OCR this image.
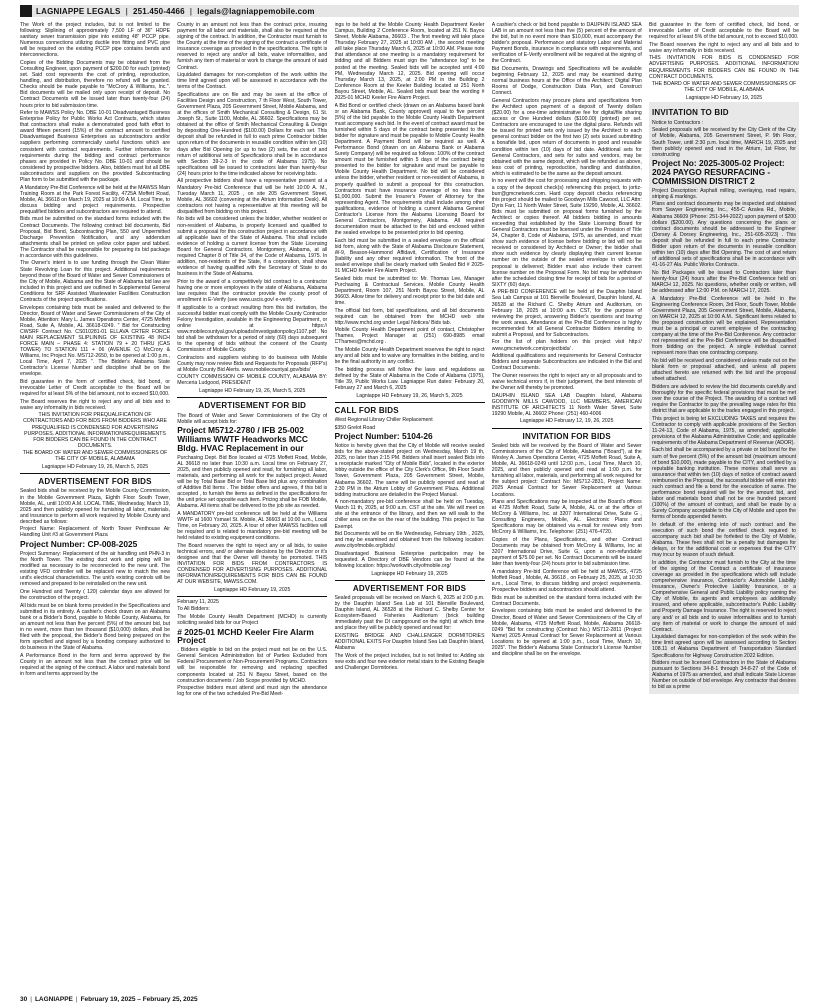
LAGNIAPPE LEGALS | 251.450-4466 | legals@lagniappemobile.com

The Work of the project includes, but is not limited to the following: Sliplining of approximately 7,500 LF of 36" HDPE sanitary sewer transmission pipe into existing 48" PCCP pipe. Numerous connections utilizing ductile iron fitting and PVC pipe will be required on the existing PCCP pipe contains bends and interconnections.

Copies of the Bidding Documents may be obtained from the Consulting Engineer, upon payment of $200.00 for each (printed) set. Said cost represents the cost of printing, reproduction, handling, and distribution, therefore no refund will be granted. Checks should be made payable to "McCrory & Williams, Inc.". Bid documents will be mailed only upon receipt of deposit. No Contract Documents will be issued later than twenty-four (24) hours prior to bid submission time.

Refer to MAWSS Policy No. DBE 10-01 Disadvantaged Business Enterprise Policy for Public Works Act Contracts, which states that contractors shall make a demonstrated good faith effort to award fifteen percent (15%) of the contract amount to certified Disadvantaged Business Enterprises as subcontractors and/or suppliers performing commercially useful functions which are consistent with contract requirements. Further information for requirements during the bidding and contract performance phases are provided in Policy No. DBE 10-01 and should be considered by prospective bidders. Also, bidders must list all DBE subcontractors and suppliers on the provided Subcontracting Plan form to be submitted with the package.

A Mandatory Pre-Bid Conference will be held at the MAWSS Main Training Room at the Park Forest Facility, 4725A Moffett Road, Mobile, AL 36618 on March 19, 2025 at 10:00 A.M. Local Time, to discuss bidding and project requirements. Prospective prequalified bidders and subcontractors are required to attend.

Bids must be submitted on the standard forms included with the Contract Documents. The following contract bid documents, Bid Proposal, Bid Bond, Subcontracting Plan, 550 and Unpermitted Discharge Prevention Notification, and any addendum attachments shall be printed on yellow color paper and tabbed. The Contractor shall be responsible for preparing its bid package in accordance with this guidelines.

The Owner's intent is to use funding through the Clean Water State Revolving Loan for this project. Additional requirements beyond those of the Board of Water and Sewer Commissioners of the City of Mobile, Alabama and the State of Alabama bid law are included in this project and are outlined in Supplemental General Conditions for SRF Assisted Wastewater Facilities Construction Contracts of the project specifications.

Envelopes containing bids must be sealed and delivered to the Director, Board of Water and Sewer Commissioners of the City of Mobile, Attention: Mary L. James Operations Center, 4725 Moffett Road, Suite A, Mobile, AL 36618-0249. " Bid for Constructing CWSRF Contract No. CS010281-01 ELLAVA CRTER FORCE MAIN REPLACEMENT SLIPLINING OF EXISTING 48 INCH FORCE MAIN – PHASE 4: STATION 79 + 20 THRU (CAS TOWER) TO STATION 111 + 06 (AVENUE C) McCrory & Williams, Inc Project No. MS712-2650, to be opened at 1:00 p.m., Local Time, April 7, 2025 ". The Bidder's Alabama State Contractor's License Number and discipline shall be on the envelope.

Bid guarantee in the form of certified check, bid bond, or irrevocable Letter of Credit acceptable to the Board will be required for at least 5% of the bid amount, not to exceed $10,000.

The Board reserves the right to reject any and all bids and to waive any informality in bids received.

THIS INVITATION FOR PREQUALIFICATION OF CONTRACTORS AND FOR BIDS FROM BIDDERS WHO ARE PREQUALIFIED IS CONDENSED FOR ADVERTISING PURPOSES. ADDITIONAL INFORMATION/REQUIREMENTS FOR BIDDERS CAN BE FOUND IN THE CONTRACT DOCUMENTS.

THE BOARD OF WATER AND SEWER COMMISSIONERS OF THE CITY OF MOBILE, ALABAMA

Lagniappe HD February 19, 26, March 5, 2025

ADVERTISEMENT FOR BIDS

Sealed bids shall be received by the Mobile County Commission, in the Mobile Government Plaza, Eighth Floor South Tower, Mobile, AL, until 10:00 A.M. LOCAL TIME, Wednesday, March 19, 2025 and then publicly opened for furnishing all labor, materials, and insurance to perform all work required by Mobile County and described as follows:

Project Name: Replacement of North Tower Penthouse Air Handling Unit #3 at Government Plaza

Project Number: CP-008-2025

Project Summary: Replacement of the air handling unit PHN-3 in the North Tower. The existing duct work and piping will be modified as necessary to be reconnected to the new unit. The existing VFD controller will be replaced new to match the new unit's electrical characteristics. The unit's existing controls will be removed and prepared to be reinstalled on the new unit.

One Hundred and Twenty ( 120) calendar days are allowed for the construction of the project.

All bids must be on blank forms provided in the Specifications and submitted in its entirety. A cashier's check drawn on an Alabama bank or a Bidder's Bond, payable to Mobile County, Alabama, for an amount not less than five percent (5%) of the amount bid, but in no event, more than ten thousand ($10,000) dollars, shall be filed with the proposal, the Bidder's Bond being prepared on the form specified and signed by a bonding company authorized to do business in the State of Alabama.

A Performance Bond in the form and terms approved by the County in an amount not less than the contract price will be required at the signing of the contract. A labor and materials bond in form and terms approved by the

County in an amount not less than the contract price, insuring payment for all labor and materials, shall also be required at the signing of the contract. In addition, the Contractor must furnish to the County at the time of the signing of the contract a certificate of insurance coverage as provided in the specifications. The right is reserved to reject any and/or all bids, waive informalities, and furnish any item of material or work to change the amount of said Contract.

Liquidated damages for non-completion of the work within the time limit agreed upon will be assessed in accordance with the terms of the Contract.

Specifications are on file and may be seen at the office of Facilities Design and Construction, 7 th Floor West, South Tower, Government Plaza, 205 Government Street, Mobile Alabama, and at the offices of Smith Mechanical Consulting & Design, 61 St. Joseph St., Suite 1100, Mobile, AL 36602. Specifications may be obtained at the office of Smith Mechanical Consulting & Design by depositing One-Hundred ($100.00) Dollars for each set. This deposit shall be refunded in full to each prime Contractor bidder upon return of the documents in reusable condition within ten (10) days after Bid Opening (or up to two (2) sets, the cost of and return of additional sets of Specifications shall be in accordance with Section 39-2-3 in the code of Alabama 1975). No specifications will be issued to contractors later than twenty-four (24) hours prior to the time indicated above for receiving bids.

All prospective bidders shall have a representative present at a Mandatory Pre-bid Conference that will be held 10:00 A. M., Tuesday March 11, 2025 , on site 205 Government Street, Mobile, AL 36602 (convening at the Atrium Information Desk). All contractors not having a representative at this meeting will be disqualified from bidding on this project.

No bids will be considered unless the bidder, whether resident or non-resident of Alabama, is properly licensed and qualified to submit a proposal for this construction project in accordance with all applicable laws of the State of Alabama. This shall include evidence of holding a current license from the State Licensing Board for General Contractors. Montgomery, Alabama, at all required Chapter 8 of Title 34, of the Code of Alabama, 1975. In addition, non-residents of the State, if a corporation, shall show evidence of having qualified with the Secretary of State to do business in the State of Alabama.

Prior to the award of a competitively bid contract to a contractor having one or more employees in the state of Alabama, Alabama law requires that the contractor provide the county proof of enrollment in E-Verify (see www.uscis.gov/ e-verify .

If applicable to a contract resulting from this bid invitation, the successful bidder must comply with the Mobile County Contractor Felony Investigation, available in the Engineering Department, or online at https:// www.mobilecountyal.gov/uploads/investigationpolicy1107.pdf . No bid shall be withdrawn for a period of sixty (60) days subsequent to the opening of bids without the consent of the County Commission of Mobile County.

Contractors and suppliers wishing to do business with Mobile County may now review Bids and Requests for Proposals (RFP's) at Mobile County Bid Alerts. www.mobilecountyal.gov/bids/

COUNTY COMMISSION OF MOBILE COUNTY, ALABAMA BY: Merceria Ludgood, PRESIDENT

Lagniappe HD February 19, 26, March 5, 2025

ADVERTISEMENT FOR BID

The Board of Water and Sewer Commissioners of the City of Mobile will accept bids for:

Project M5712-2780 / IFB 25-002 Williams WWTF Headworks MCC Bldg. HVAC Replacement in our

Purchasing Dept. Bid Box located at 4725 Moffett Road, Mobile, AL 36618 no later than 10:30 a.m. Local time on February 27, 2025, and then publicly opened and read, for furnishing all labor, materials, and performing all work for the subject project. Award will be by Total Base Bid or Total Base bid plus any combination of Additive Bid Items . The bidder offers and agrees, if this bid is accepted , to furnish the items as defined in the specifications for the unit price set opposite each item. Pricing shall be FOB Mobile, Alabama. All items shall be delivered to the job site as needed.

A MANDATORY pre-bid conference will be held at the Williams WWTF at 1600 Ysmael St. Mobile, AL 36603 at 10:00 a.m., Local Time, on February 20, 2025. A tour of other MAWSS facilities will be required and is related to mandatory pre-bid meeting will be held related to existing equipment conditions.

The Board reserves the right to reject any or all bids, to waive technical errors, and/ or alternate decisions by the Director or it's designee and that the Owner will thereby be promoted. THIS INVITATION FOR BIDS FROM CONTRACTORS IS CONDENSED FOR ADVERTISING PURPOSES. ADDITIONAL INFORMATION/REQUIREMENTS FOR BIDS CAN BE FOUND AT OUR WEBSITE, MAWSS.COM.

Lagniappe HD February 19, 2025

February 11, 2025

To All Bidders:

The Mobile County Health Department (MCHD) is currently soliciting sealed bids for our Project

# 2025-01 MCHD Keeler Fire Alarm Project

. Bidders eligible to bid on the project must not be on the U.S. General Services Administration list of Parties Excluded from Federal Procurement or Non-Procurement Programs. Contractors will be responsible for removing and replacing specified components located at 251 N Bayou Street, based on the construction documents / Job Scope provided by MCHD.

Prospective bidders must attend and must sign the attendance log for one of the two scheduled Pre-Bid Meet-

ings to be held at the Mobile County Health Department Keeler Campus, Building 2 Conference Room, located at 251 N. Bayou Street, Mobile Alabama, 36603 . The first meeting will take place Thursday February 27, 2025 at 10:00 AM , the second meeting will take place Thursday March 6, 2025 at 10:00 AM. Please note that attendance at one meeting is a mandatory requirement for bidding and all Bidders must sign the "attendance log" to be posted at the meeting. Sealed bids will be accepted until 4:00 PM, Wednesday March 12, 2025. Bid opening will occur Thursday March 13, 2025, at 2:00 PM in the Building 2 Conference Room at the Keeler Building located at 251 North Bayou Street, Mobile, AL. Sealed bids must bear the wording # 2025-01 MCHD Keeler Fire Alarm Project.

A Bid Bond or certified check (drawn on an Alabama based bank or an Alabama Bank, County approved) equal to five percent (5%) of the bid payable to the Mobile County Health Department must accompany each bid. In the event of contract award must be furnished within 5 days of the contract being presented to the bidder for signature and must be payable to Mobile County Health Department. A Payment Bond will be required as well. A Performance Bond (drawn on an Alabama Bank or Alabama Surety Company) will be required as follows: 100% of the contract amount must be furnished within 5 days of the contract being presented to the bidder for signature and must be payable to Mobile County Health Department. No bid will be considered unless the bidder, whether resident or non-resident of Alabama, is properly qualified to submit a proposal for this construction. Contractors must have insurance coverage of no less than $1,000,000. Submit the Insurer's Power of Attorney for the representing Agent. The requirements shall include among other qualifications, evidence of holding a current Alabama General Contractor's License from the Alabama Licensing Board for General Contractors, Montgomery, Alabama. All required documentation must be attached to the bid and enclosed within the sealed envelope to be presented prior to bid opening.

Each bid must be submitted in a sealed envelope on the official bid form, along with the State of Alabama Disclosure Statement, W-9, Beason-Hammond Affidavit, Certification of Insurance (liability and any other required information. The front of the sealed envelope shall be clearly marked with Sealed Bid # 2025-01 MCHD Keeler Fire Alarm Project.

Sealed bids must be submitted to: Mr. Thomas Lee, Manager Purchasing & Contractual Services, Mobile County Health Department, Room 107, 251 North Bayou Street, Mobile, AL 36603. Allow time for delivery and receipt prior to the bid date and time.

The official bid form, bid specifications, and all bid documents required can be obtained from the MCHD web site http://www.mchd.org under Legal Notices/ Bids tab.

Mobile County Health Department point of contact, Christopher Thames, Project Manager at (251) 690-8985 email CThames@mchd.org .

The Mobile County Health Department reserves the right to reject any and all bids and to waive any formalities in the bidding, and to be the final authority in any conflict.

The bidding process will follow the laws and regulations as defined by the State of Alabama in the Code of Alabama (1975), Title 39, Public Works Law. Lagniappe Run dates: February 20, February 27 and March 6, 2025

Lagniappe HD February 19, 26, March 5, 2025

CALL FOR BIDS

West Regional Library Chiller Replacement

$350 Grelot Road

Project Number: 5104-26

Notice is hereby given that the City of Mobile will receive sealed bids for the above-stated project on Wednesday, March 19 th, 2025, no later than 2:15 PM. Bidders shall insert sealed Bids into a receptacle marked "City of Mobile Bids", located in the exterior lobby outside the office of the City Clerk's Office, 9th Floor South Tower, Government Plaza, 205 Government Street, Mobile, Alabama 36602. The same will be publicly opened and read at 2:30 PM in the Atrium Lobby of Government Plaza. Additional bidding instructions are detailed in the Project Manual.

A non-mandatory pre-bid conference shall be held on Tuesday, March 11 th, 2025, at 9:00 a.m. CST at the site. We will meet on site at the entrance of the library, and then we will walk to the chiller area on the on the rear of the building. This project is Tax Exempt.

Bid Documents will be on file Wednesday, February 19th , 2025, and may be examined and obtained from the following location: www.cityofmobile.org/bids/

Disadvantaged Business Enterprise participation may be requested. A Directory of DBE Vendors can be found at the following location: https://workwith.cityofmobile.org/

Lagniappe HD February 19, 2025

ADVERTISEMENT FOR BIDS

Sealed proposals will be received on March 6, 2025 at 2:00 p.m. by the Dauphin Island Sea Lab at 101 Bienville Boulevard, Dauphin Island, AL 36528 at the Richard C. Shelby Center for Ecosystem-Based Fisheries Auditorium (brick building immediately past the DI campground on the right) at which time and place they will be publicly opened and read for:

EXISTING BRIDGE AND CHALLENGER DORMITORIES ADDITIONAL EXITS For Dauphin Island Sea Lab Dauphin Island, Alabama

The Work of the project includes, but is not limited to: Adding six new exits and four new exterior metal stairs to the Existing Beagle and Challenger Dormitories.

A cashier's check or bid bond payable to DAUPHIN ISLAND SEA LAB in an amount not less than five (5) percent of the amount of the bid, but in no event more than $10,000, must accompany the bidder's proposal. Performance and statutory Labor and Material Payment Bonds, insurance in compliance with requirements, and verification of E-Verify enrollment will be required at the signing of the Contract.

Bid Documents, Drawings and Specifications will be available beginning February 12, 2025 and may be examined during normal business hours at the Office of the Architect; Digital Plan Rooms of Dodge, Construction Data Plan, and Construct Connect.

General Contractors may procure plans and specifications from the Architect upon payment of a deposit of Twenty dollars ($20.00) for a one-time administrative fee for digital/file sharing access or One Hundred dollars ($100.00) (printed) per set. Contractors are encouraged to use the digital plans. Refunds will be issued for printed sets only issued by the Architect to each general contract bidder on the first two (2) sets issued submitting a bonafide bid, upon return of documents in good and reusable condition within ten (10) days of bid date. Additional sets for General Contractors, and sets for subs and vendors, may be obtained with the same deposit, which will be refunded as above, less cost of printing, reproduction, handling and distribution, which is estimated to be the same as the deposit amount.

In no event will the cost for processing and shipping requests with a copy of the deposit check(s) referencing this project, to jortiz-burr@gmcnetwork.com. Hard copy deposit checks referencing this project should be mailed to Goodwyn Mills Cawood, LLC Attn: Dyris Farr, 11 North Water Street, Suite 19290, Mobile, AL 36602. Bids must be submitted on proposal forms furnished by the Architect or copies thereof. All bidders bidding in amounts exceeding that established by the State Licensing Board for General Contractors must be licensed under the Provision of Title 34, Chapter 8, Code of Alabama, 1975, as amended, and must show such evidence of license before bidding or bid will not be received or considered by Architect or Owner; the bidder shall show such evidence by clearly displaying their current license number on the outside of the sealed envelope in which the proposal is delivered; Bidder must also include their current license number on the Proposal Form. No bid may be withdrawn after the scheduled closing time for receipt of bids for a period of SIXTY (60) days.

A PRE-BID CONFERENCE will be held at the Dauphin Island Sea Lab Campus at 101 Bienville Boulevard, Dauphin Island, AL 36528 at the Richard C. Shelby Atrium and Auditorium, on February 18, 2025 at 10:00 a.m. CST, for the purpose of reviewing the project, answering Bidder's questions and touring the work areas. Attendance at the Pre-Bid Conference is highly recommended for all General Contractor Bidders intending to submit a Proposal, and for Subcontractors.

For the list of plan holders on this project visit http:// www.gmcnetwork.com/projectbids/ .

Additional qualifications and requirements for General Contractor Bidders and separate Subcontractors are indicated in the Bid and Contract Documents.

The Owner reserves the right to reject any or all proposals and to waive technical errors if, in their judgement, the best interests of the Owner will thereby be promoted.

DAUPHIN ISLAND SEA LAB Dauphin Island, Alabama GOODWYN MILLS CAWOOD, LLC MEMBERS, AMERICAN INSTITUTE OF ARCHITECTS 11 North Water Street, Suite 19290 Mobile, AL 36602 Phone: (251) 460-4006

Lagniappe HD February 12, 19, 26, 2025

INVITATION FOR BIDS

Sealed bids will be received by the Board of Water and Sewer Commissioners of the City of Mobile, Alabama ("Board"), at the Wesley A. James Operations Center, 4725 Moffett Road, Suite A, Mobile, AL 36618-0249 until 12:00 p.m., Local Time, March 10, 2025, and then publicly opened and read at 1:00 p.m. for furnishing all labor, materials, and performing all work required for the subject project: Contract No: MS712-2831, Project Name: 2025 Annual Contract for Sewer Replacement at Various Locations.

Plans and Specifications may be inspected at the Board's offices at 4725 Moffett Road, Suite A, Mobile, AL or at the office of McCrory & Williams, Inc. at 3207 International Drive, Suite G , Consulting Engineers, Mobile, AL. Electronic Plans and Specifications may be obtained via e-mail for review only from McCrory & Williams, Inc. Telephone: (251) 476-4720.

Copies of the Plans, Specifications, and other Contract Documents may be obtained from McCrory & Williams, Inc at 3207 International Drive, Suite G, upon a non-refundable payment of $75.00 per set. No Contract Documents will be issued later than twenty-four (24) hours prior to bid submission time.

A mandatory Pre-bid Conference will be held at MAWSS, 4725 Moffett Road , Mobile, AL 36618 , on February 25, 2025, at 10:30 a.m., Local Time, to discuss bidding and project requirements. Prospective bidders and subcontractors should attend.

Bids must be submitted on the standard forms included with the Contract Documents.

Envelopes containing bids must be sealed and delivered to the Director, Board of Water and Sewer Commissioners of the City of Mobile, Alabama, 4725 Moffett Road, Mobile, Alabama 36618-0249 "Bid for constructing (Contract No.) MS712-2811 (Project Name) 2025 Annual Contract for Sewer Replacement at Various Locations to be opened at 1:00 p.m., Local Time, March 10, 2025". The Bidder's Alabama State Contractor's License Number and discipline shall be on the envelope.

Bid guarantee in the form of certified check, bid bond, or irrevocable Letter of Credit acceptable to the Board will be required for at least 5% of the bid amount, not to exceed $10,000.

The Board reserves the right to reject any and all bids and to waive any informality in bids received.

THIS INVITATION FOR BIDS IS CONDENSED FOR ADVERTISING PURPOSES. ADDITIONAL INFORMATION/ REQUIREMENTS FOR BIDDERS CAN BE FOUND IN THE CONTRACT DOCUMENTS.

THE BOARD OF WATER AND SEWER COMMISSIONERS OF THE CITY OF MOBILE, ALABAMA

Lagniappe HD February 19, 2025

INVITATION TO BID

Notice to Contractors :

Sealed proposals will be received by the City Clerk of the City of Mobile, Alabama, 205 Government Street, P. 9th Floor, South Tower, until 2:30 p.m. local time, MARCH 19, 2025 and then publicly opened and read in the Atrium, 1st Floor, for constructing

Project No: 2025-3005-02 Project: 2024 PAYGO RESURFACING - COMMISSION DISTRICT 2

Project Description: Asphalt milling, overlaying, road repairs, striping & markings.

Plans and contract documents may be inspected and obtained from Sawyer Engineering, Inc., 455-C Azalea Rd., Mobile, Alabama 36609 (Phone: 251-344-2022) upon payment of $200 dollars ($200.00). Any questions concerning the plans or contract documents should be addressed to the Engineer (Dorsey & Dorsey Engineering, Inc., 251-605-2023) . This deposit shall be refunded in full to each prime Contractor Bidder upon return of the documents in reusable condition within ten (10) days after Bid Opening. The cost of and return of additional sets of specifications shall be in accordance with 41-16-27 Ala. Public Works Contracts.

No Bid Packages will be issued to Contractors later than twenty-four (24) hours after the Pre-Bid Conference held on MARCH 12, 2025. No questions, whether orally or written, will be addressed after 12:00 P.M. on MARCH 17, 2025.

A Mandatory Pre-Bid Conference will be held in the Engineering Conference Room, 3rd Floor, South Tower, Mobile Government Plaza, 205 Government Street, Mobile, Alabama, on MARCH 12, 2025 at 10:00 A.M.. Significant items related to the proposed construction will be explained. Representation must be a principal or current employee of the contracting company at the time of the Pre-Bid Conference. Any contractor not represented at the Pre-Bid Conference will be disqualified from bidding on the project. A single individual cannot represent more than one contracting company.

No bid will be received and considered unless made out on the blank form or proposal attached, and unless all papers attached hereto are returned with the bid and the proposal sheet attached.

Bidders are advised to review the bid documents carefully and thoroughly for the specific federal provisions that must be met over the course of the Project. The awarding of a contract will require the Contractor to pay the prevailing wage rates for this district that are applicable to the trades engaged in this project.

This project is being let EXCLUDING TAXES and requires the Contractor to comply with applicable provisions of the Section 11-24-13, Code of Alabama, 1975, as amended; applicable provisions of the Alabama Administrative Code; and applicable requirements of the Alabama Department of Revenue (ADOR).

Each bid shall be accompanied by a private or bid bond for the sum of five percent (5%) of the amount bid (maximum amount of bond $10,000), made payable to the CITY, and certified by a reputable banking institution. These monies shall serve as assurance that within ten (10) days of notice of contract award reimbursed in the Proposal, the successful bidder will enter into such contract and file a bond for the execution of same. The performance bond required will be for the amount bid, and labor and materials bond shall not be one hundred percent (100%) of the amount of contract, and shall be made by a Surety Company acceptable to the City of Mobile and upon the forms of bonds appended herein.

In default of the entering into of such contract and the execution of such bond the certified check required to accompany such bid shall be forfeited to the City of Mobile, Alabama. These fees shall not be a penalty but damages for delays, or for the additional cost or expenses that the CITY may incur by reason of such default.

In addition, the Contractor must furnish to the City at the time of the signing of the Contract a certificate of insurance coverage as provided in the specifications which will include comprehensive insurance, Contractor's Automobile Liability Insurance, Owner's Protective Liability Insurance, or a Comprehensive General and Public Liability policy naming the City of Mobile, its agents and employees as additionally insured, and where applicable, subcontractor's Public Liability and Property Damage Insurance. The right is reserved to reject any and/ or all bids and to waive informalities and to furnish any item of material or work to change the amount of said Contract.

Liquidated damages for non-completion of the work within the time limit agreed upon will be assessed according to Section 108.11 of Alabama Department of Transportation Standard Specifications for Highway Construction 2022 Edition.

Bidders must be licensed Contractors in the State of Alabama pursuant to Sections 34-8-1 through 34-8-27 of the Code of Alabama of 1975 as amended, and shall indicate State License Number on outside of bid envelope. Any contractor that desires to bid as a prime

30 | LAGNIAPPE | February 19, 2025 – February 25, 2025
